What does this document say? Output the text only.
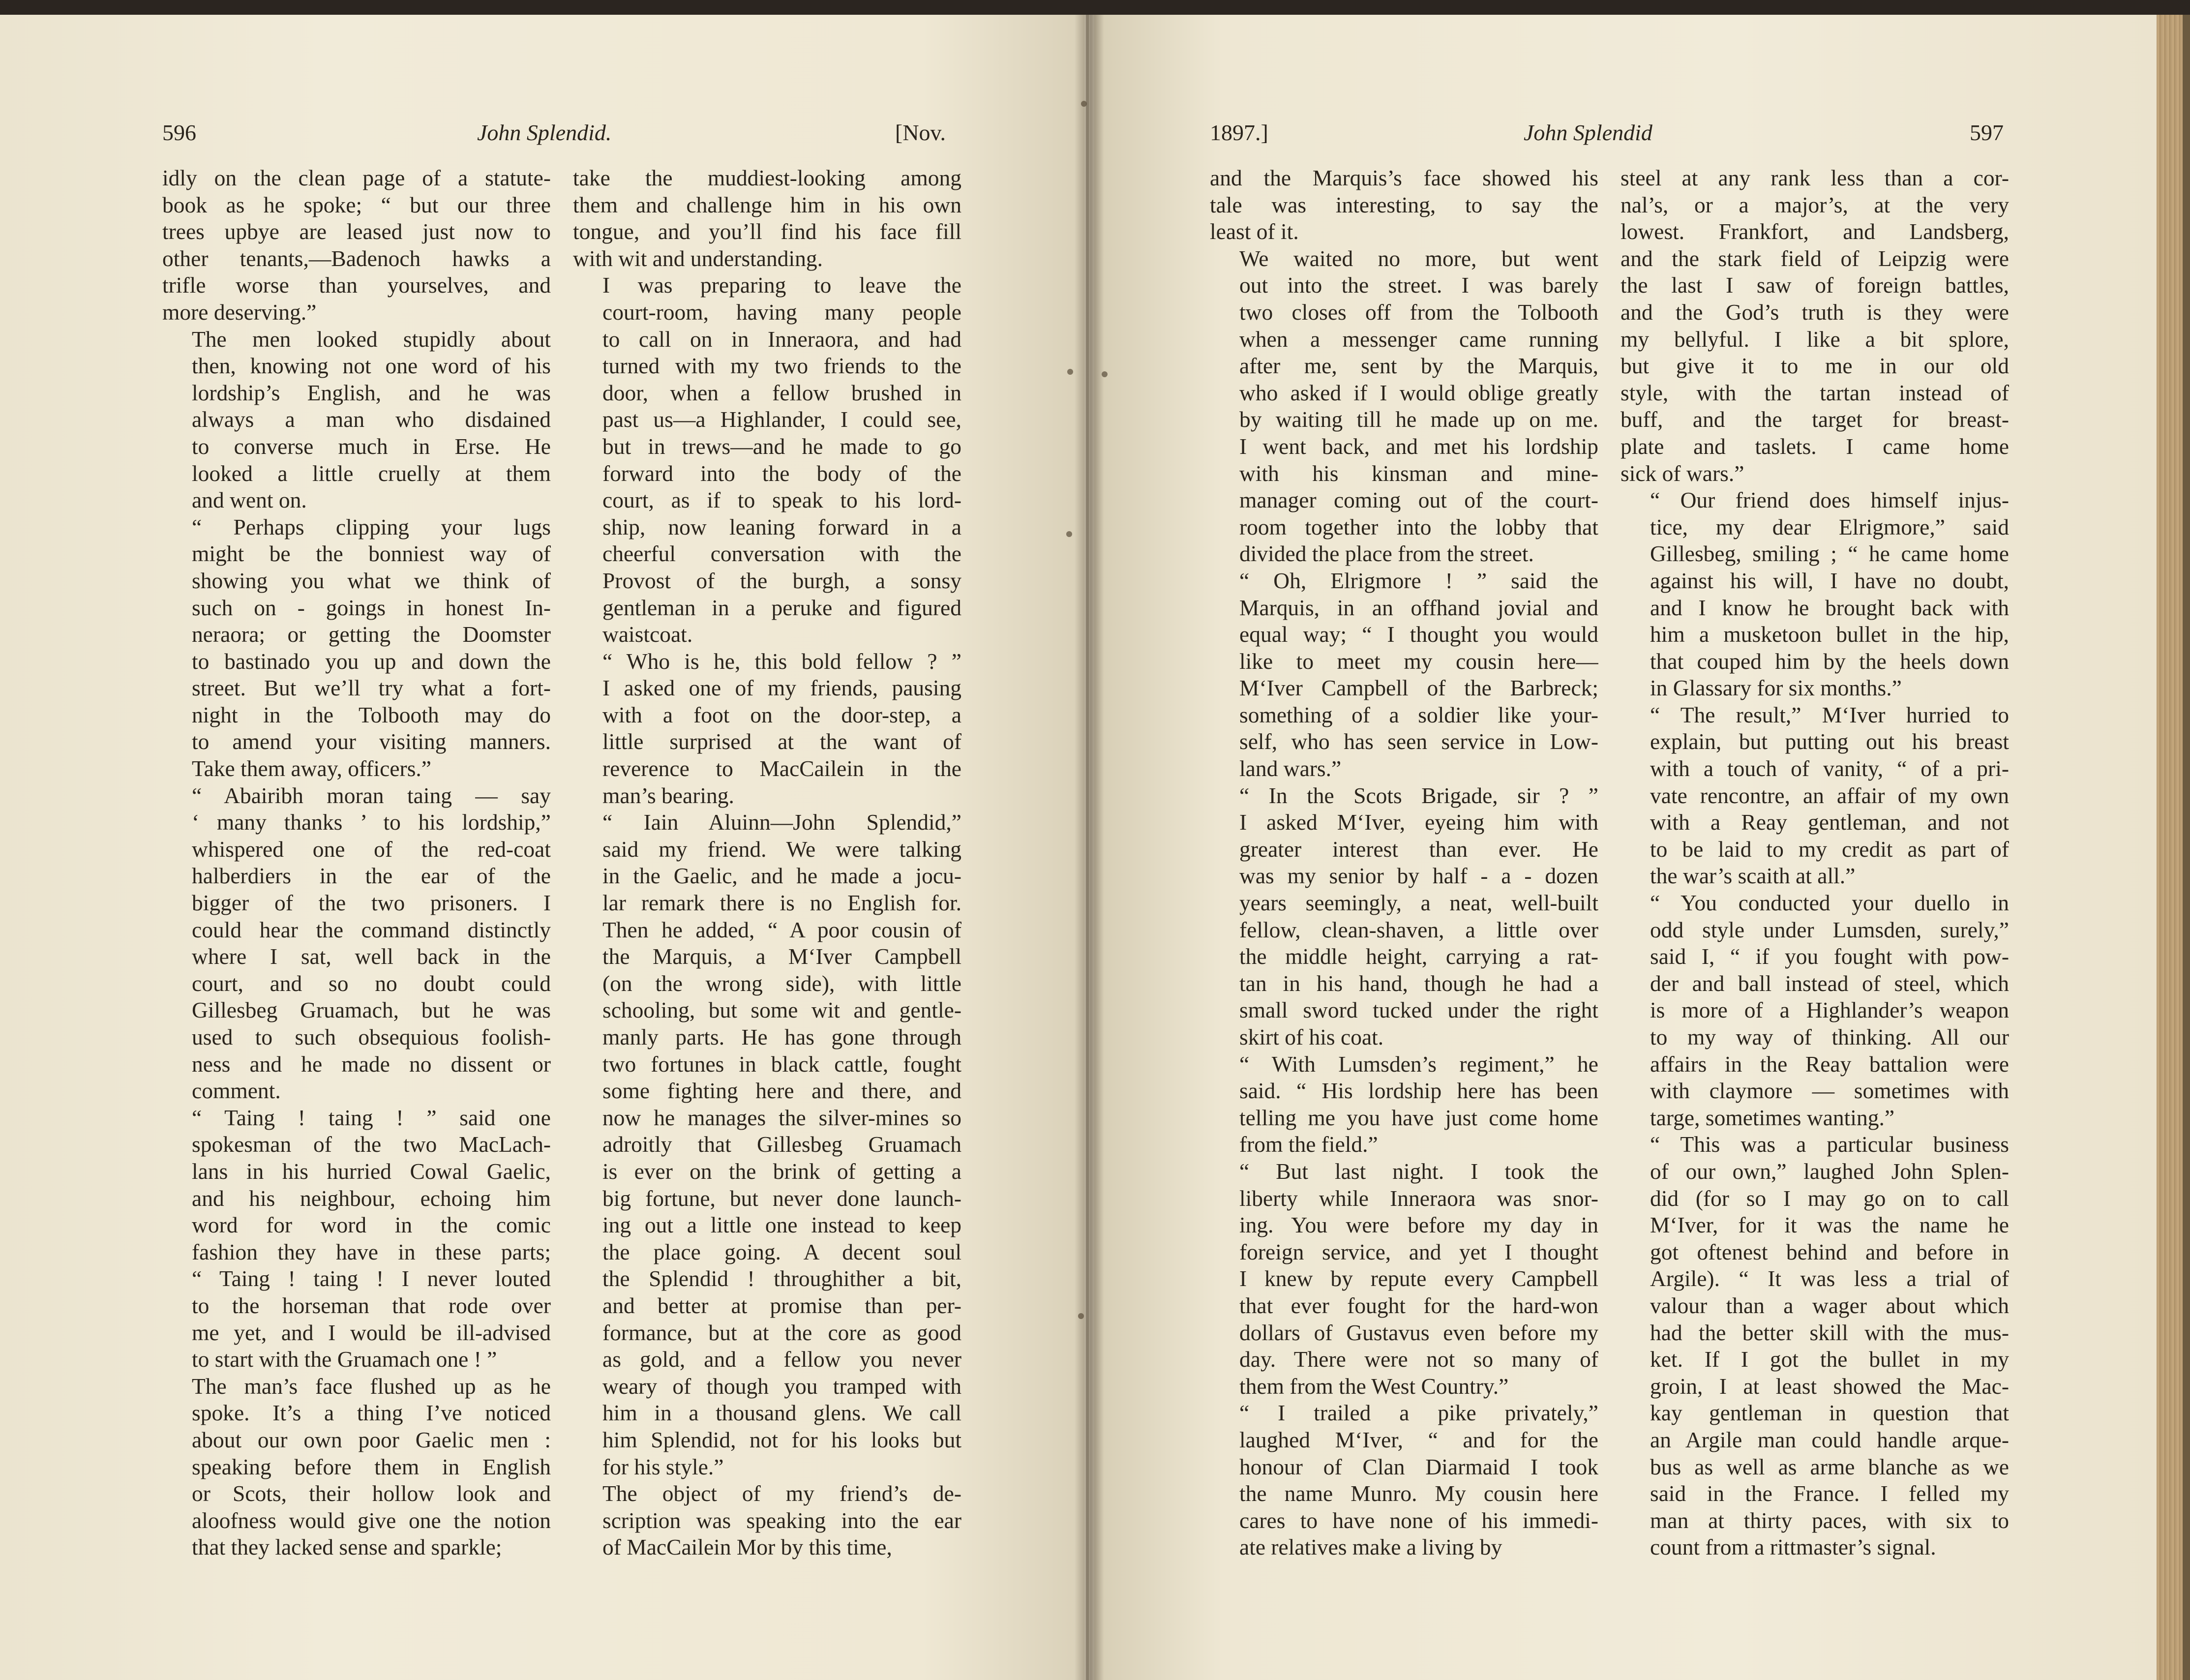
596	John Splendid.	[Nov.	1897.]	John Splendid	597

idly on the clean page of a statute-
book as he spoke; “ but our three
trees upbye are leased just now to
other tenants,—Badenoch hawks a
trifle worse than yourselves, and
more deserving.”

The men looked stupidly about
then, knowing not one word of his
lordship’s English, and he was
always a man who disdained
to converse much in Erse. He
looked a little cruelly at them
and went on.

“ Perhaps clipping your lugs
might be the bonniest way of
showing you what we think of
such on - goings in honest In-
neraora; or getting the Doomster
to bastinado you up and down the
street. But we’ll try what a fort-
night in the Tolbooth may do
to amend your visiting manners.
Take them away, officers.”

“ Abairibh moran taing — say
‘ many thanks ’ to his lordship,”
whispered one of the red-coat
halberdiers in the ear of the
bigger of the two prisoners. I
could hear the command distinctly
where I sat, well back in the
court, and so no doubt could
Gillesbeg Gruamach, but he was
used to such obsequious foolish-
ness and he made no dissent or
comment.

“ Taing ! taing ! ” said one
spokesman of the two MacLach-
lans in his hurried Cowal Gaelic,
and his neighbour, echoing him
word for word in the comic
fashion they have in these parts;
“ Taing ! taing ! I never louted
to the horseman that rode over
me yet, and I would be ill-advised
to start with the Gruamach one ! ”

The man’s face flushed up as he
spoke. It’s a thing I’ve noticed
about our own poor Gaelic men :
speaking before them in English
or Scots, their hollow look and
aloofness would give one the notion
that they lacked sense and sparkle;

take the muddiest-looking among
them and challenge him in his own
tongue, and you’ll find his face fill
with wit and understanding.

I was preparing to leave the
court-room, having many people
to call on in Inneraora, and had
turned with my two friends to the
door, when a fellow brushed in
past us—a Highlander, I could see,
but in trews—and he made to go
forward into the body of the
court, as if to speak to his lord-
ship, now leaning forward in a
cheerful conversation with the
Provost of the burgh, a sonsy
gentleman in a peruke and figured
waistcoat.

“ Who is he, this bold fellow ? ”
I asked one of my friends, pausing
with a foot on the door-step, a
little surprised at the want of
reverence to MacCailein in the
man’s bearing.

“ Iain Aluinn—John Splendid,”
said my friend. We were talking
in the Gaelic, and he made a jocu-
lar remark there is no English for.
Then he added, “ A poor cousin of
the Marquis, a M‘Iver Campbell
(on the wrong side), with little
schooling, but some wit and gentle-
manly parts. He has gone through
two fortunes in black cattle, fought
some fighting here and there, and
now he manages the silver-mines so
adroitly that Gillesbeg Gruamach
is ever on the brink of getting a
big fortune, but never done launch-
ing out a little one instead to keep
the place going. A decent soul
the Splendid ! throughither a bit,
and better at promise than per-
formance, but at the core as good
as gold, and a fellow you never
weary of though you tramped with
him in a thousand glens. We call
him Splendid, not for his looks but
for his style.”

The object of my friend’s de-
scription was speaking into the ear
of MacCailein Mor by this time,

and the Marquis’s face showed his
tale was interesting, to say the
least of it.

We waited no more, but went
out into the street. I was barely
two closes off from the Tolbooth
when a messenger came running
after me, sent by the Marquis,
who asked if I would oblige greatly
by waiting till he made up on me.
I went back, and met his lordship
with his kinsman and mine-
manager coming out of the court-
room together into the lobby that
divided the place from the street.

“ Oh, Elrigmore ! ” said the
Marquis, in an offhand jovial and
equal way; “ I thought you would
like to meet my cousin here—
M‘Iver Campbell of the Barbreck;
something of a soldier like your-
self, who has seen service in Low-
land wars.”

“ In the Scots Brigade, sir ? ”
I asked M‘Iver, eyeing him with
greater interest than ever. He
was my senior by half - a - dozen
years seemingly, a neat, well-built
fellow, clean-shaven, a little over
the middle height, carrying a rat-
tan in his hand, though he had a
small sword tucked under the right
skirt of his coat.

“ With Lumsden’s regiment,” he
said. “ His lordship here has been
telling me you have just come home
from the field.”

“ But last night. I took the
liberty while Inneraora was snor-
ing. You were before my day in
foreign service, and yet I thought
I knew by repute every Campbell
that ever fought for the hard-won
dollars of Gustavus even before my
day. There were not so many of
them from the West Country.”

“ I trailed a pike privately,”
laughed M‘Iver, “ and for the
honour of Clan Diarmaid I took
the name Munro. My cousin here
cares to have none of his immedi-
ate relatives make a living by

steel at any rank less than a cor-
nal’s, or a major’s, at the very
lowest. Frankfort, and Landsberg,
and the stark field of Leipzig were
the last I saw of foreign battles,
and the God’s truth is they were
my bellyful. I like a bit splore,
but give it to me in our old
style, with the tartan instead of
buff, and the target for breast-
plate and taslets. I came home
sick of wars.”

“ Our friend does himself injus-
tice, my dear Elrigmore,” said
Gillesbeg, smiling ; “ he came home
against his will, I have no doubt,
and I know he brought back with
him a musketoon bullet in the hip,
that couped him by the heels down
in Glassary for six months.”

“ The result,” M‘Iver hurried to
explain, but putting out his breast
with a touch of vanity, “ of a pri-
vate rencontre, an affair of my own
with a Reay gentleman, and not
to be laid to my credit as part of
the war’s scaith at all.”

“ You conducted your duello in
odd style under Lumsden, surely,”
said I, “ if you fought with pow-
der and ball instead of steel, which
is more of a Highlander’s weapon
to my way of thinking. All our
affairs in the Reay battalion were
with claymore — sometimes with
targe, sometimes wanting.”

“ This was a particular business
of our own,” laughed John Splen-
did (for so I may go on to call
M‘Iver, for it was the name he
got oftenest behind and before in
Argile). “ It was less a trial of
valour than a wager about which
had the better skill with the mus-
ket. If I got the bullet in my
groin, I at least showed the Mac-
kay gentleman in question that
an Argile man could handle arque-
bus as well as arme blanche as we
said in the France. I felled my
man at thirty paces, with six to
count from a rittmaster’s signal.
